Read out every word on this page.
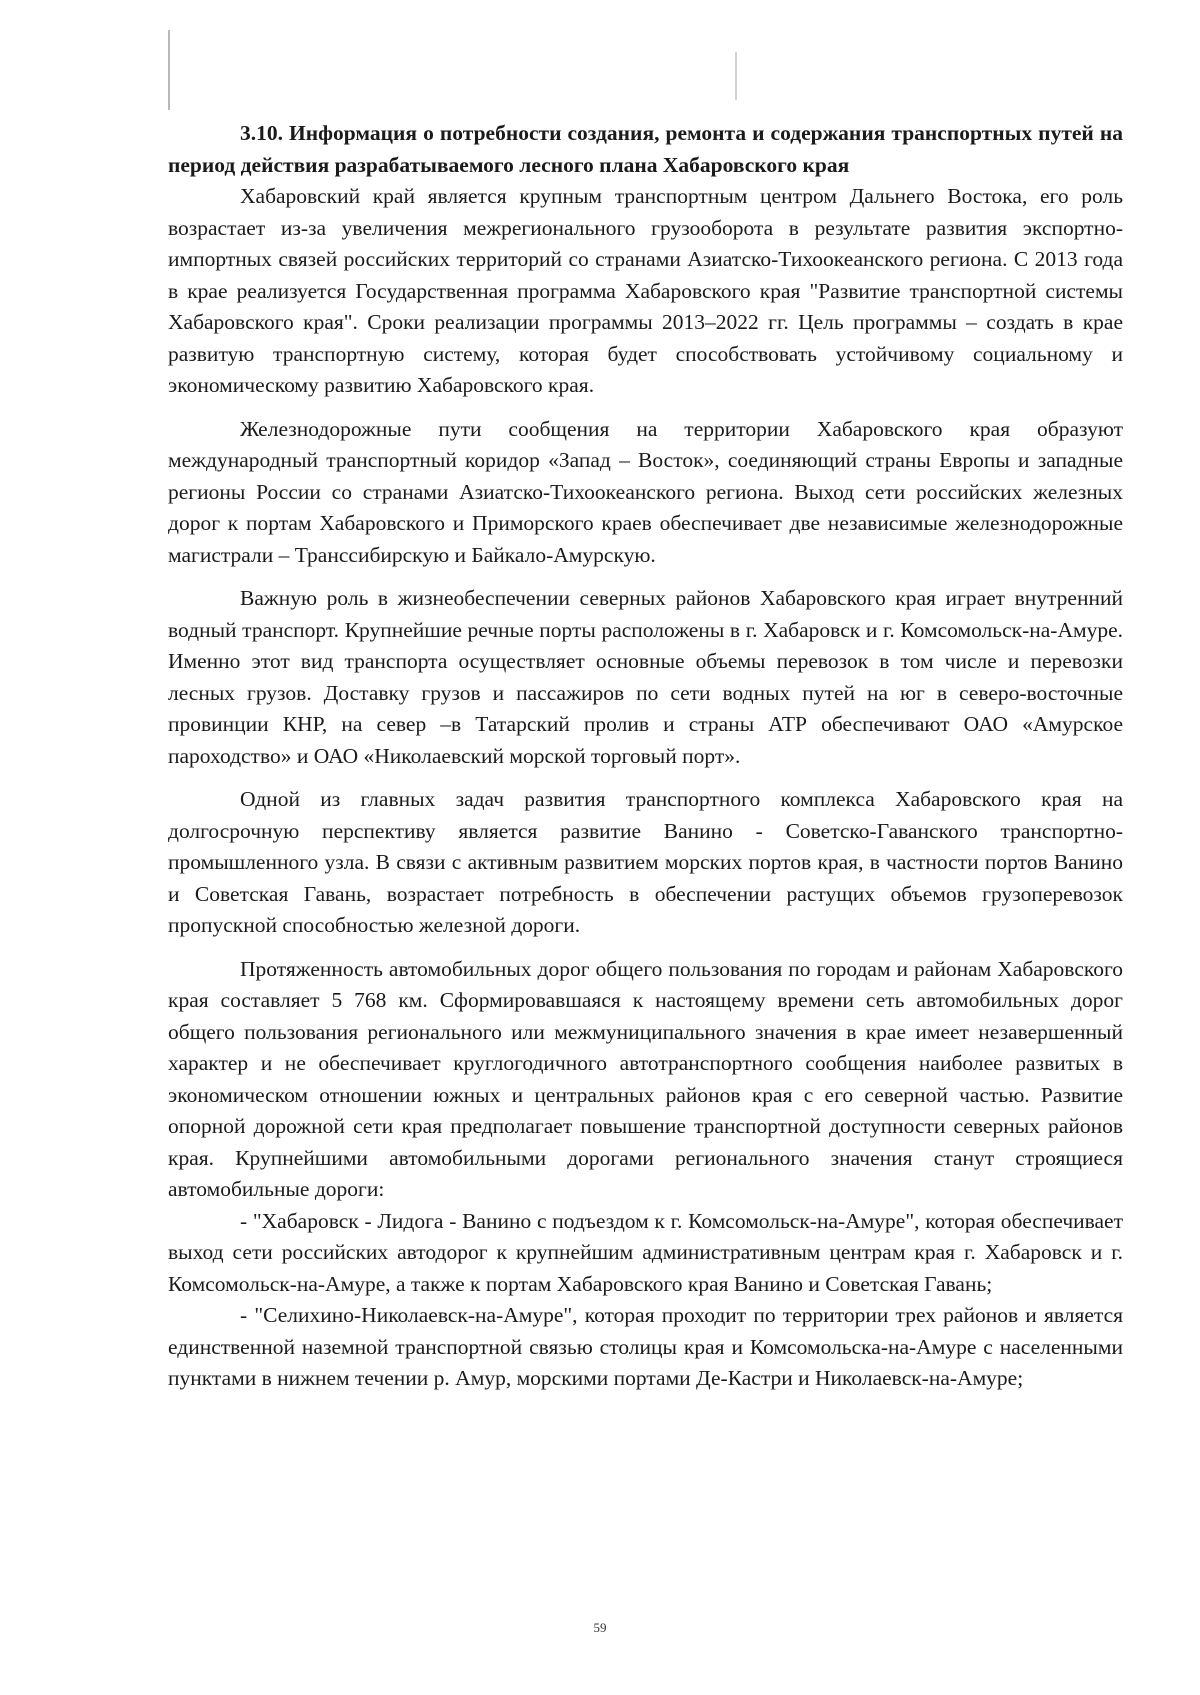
3.10. Информация о потребности создания, ремонта и содержания транспортных путей на период действия разрабатываемого лесного плана Хабаровского края

Хабаровский край является крупным транспортным центром Дальнего Востока, его роль возрастает из-за увеличения межрегионального грузооборота в результате развития экспортно-импортных связей российских территорий со странами Азиатско-Тихоокеанского региона. С 2013 года в крае реализуется Государственная программа Хабаровского края "Развитие транспортной системы Хабаровского края". Сроки реализации программы 2013–2022 гг. Цель программы – создать в крае развитую транспортную систему, которая будет способствовать устойчивому социальному и экономическому развитию Хабаровского края.

Железнодорожные пути сообщения на территории Хабаровского края образуют международный транспортный коридор «Запад – Восток», соединяющий страны Европы и западные регионы России со странами Азиатско-Тихоокеанского региона. Выход сети российских железных дорог к портам Хабаровского и Приморского краев обеспечивает две независимые железнодорожные магистрали – Транссибирскую и Байкало-Амурскую.

Важную роль в жизнеобеспечении северных районов Хабаровского края играет внутренний водный транспорт. Крупнейшие речные порты расположены в г. Хабаровск и г. Комсомольск-на-Амуре. Именно этот вид транспорта осуществляет основные объемы перевозок в том числе и перевозки лесных грузов. Доставку грузов и пассажиров по сети водных путей на юг в северо-восточные провинции КНР, на север –в Татарский пролив и страны АТР обеспечивают ОАО «Амурское пароходство» и ОАО «Николаевский морской торговый порт».

Одной из главных задач развития транспортного комплекса Хабаровского края на долгосрочную перспективу является развитие Ванино - Советско-Гаванского транспортно-промышленного узла. В связи с активным развитием морских портов края, в частности портов Ванино и Советская Гавань, возрастает потребность в обеспечении растущих объемов грузоперевозок пропускной способностью железной дороги.

Протяженность автомобильных дорог общего пользования по городам и районам Хабаровского края составляет 5 768 км. Сформировавшаяся к настоящему времени сеть автомобильных дорог общего пользования регионального или межмуниципального значения в крае имеет незавершенный характер и не обеспечивает круглогодичного автотранспортного сообщения наиболее развитых в экономическом отношении южных и центральных районов края с его северной частью. Развитие опорной дорожной сети края предполагает повышение транспортной доступности северных районов края. Крупнейшими автомобильными дорогами регионального значения станут строящиеся автомобильные дороги:

- "Хабаровск - Лидога - Ванино с подъездом к г. Комсомольск-на-Амуре", которая обеспечивает выход сети российских автодорог к крупнейшим административным центрам края г. Хабаровск и г. Комсомольск-на-Амуре, а также к портам Хабаровского края Ванино и Советская Гавань;

- "Селихино-Николаевск-на-Амуре", которая проходит по территории трех районов и является единственной наземной транспортной связью столицы края и Комсомольска-на-Амуре с населенными пунктами в нижнем течении р. Амур, морскими портами Де-Кастри и Николаевск-на-Амуре;

59
